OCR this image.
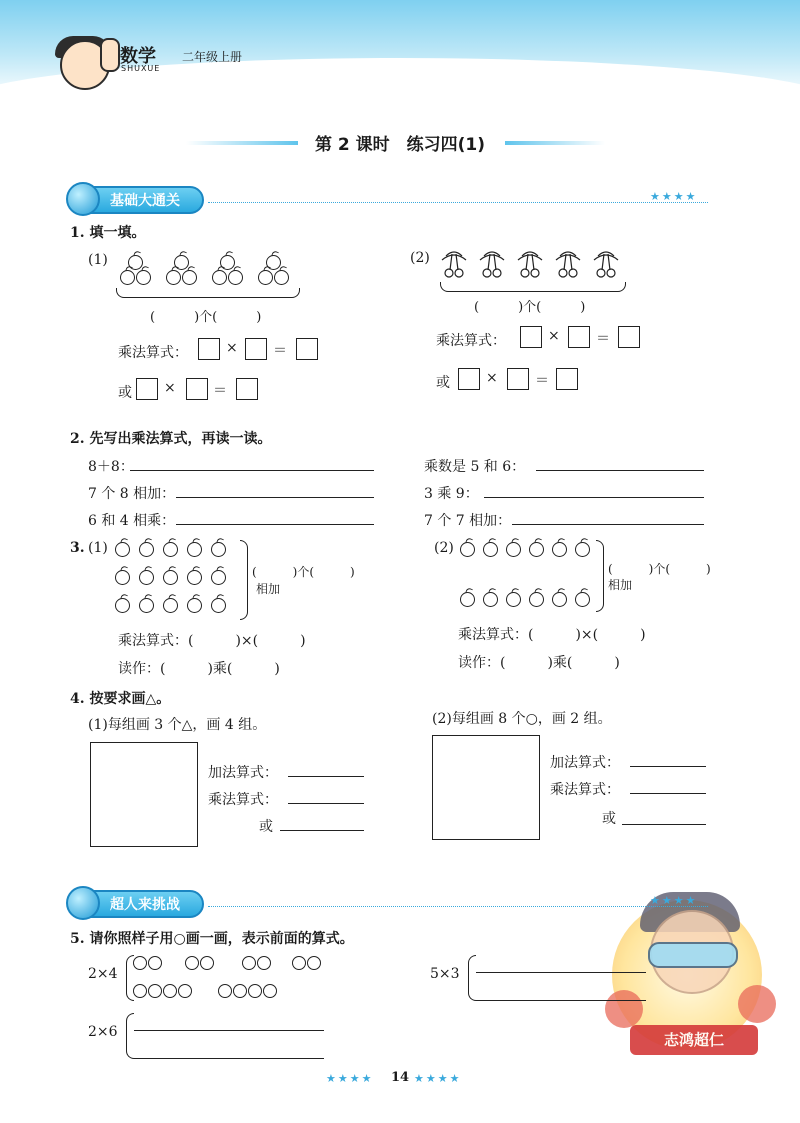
数学
SHUXUE
二年级上册
第 2 课时　练习四(1)
基础大通关	★★★★
1. 填一填。
(1)
(　　　)个(　　　)
乘法算式：	×	＝
或 ×	＝
(2)
(　　　)个(　　　)
乘法算式：	×	＝
或	×	＝
2. 先写出乘法算式，再读一读。
8＋8：
7 个 8 相加：
6 和 4 相乘：
乘数是 5 和 6：
3 乘 9：
7 个 7 相加：
3. (1)
(　　　)个(　　　)
相加
乘法算式：(　　　)×(　　　)
读作：(　　　)乘(　　　)
(2)
(　　　)个(　　　)
相加
乘法算式：(　　　)×(　　　)
读作：(　　　)乘(　　　)
4. 按要求画△。
(1)每组画 3 个△，画 4 组。
加法算式：
乘法算式：
或
(2)每组画 8 个○，画 2 组。
加法算式：
乘法算式：
或
志鸿超仁
超人来挑战	★★★★
5. 请你照样子用○画一画，表示前面的算式。
2×4	5×3
2×6
★★★★	14 ★★★★
